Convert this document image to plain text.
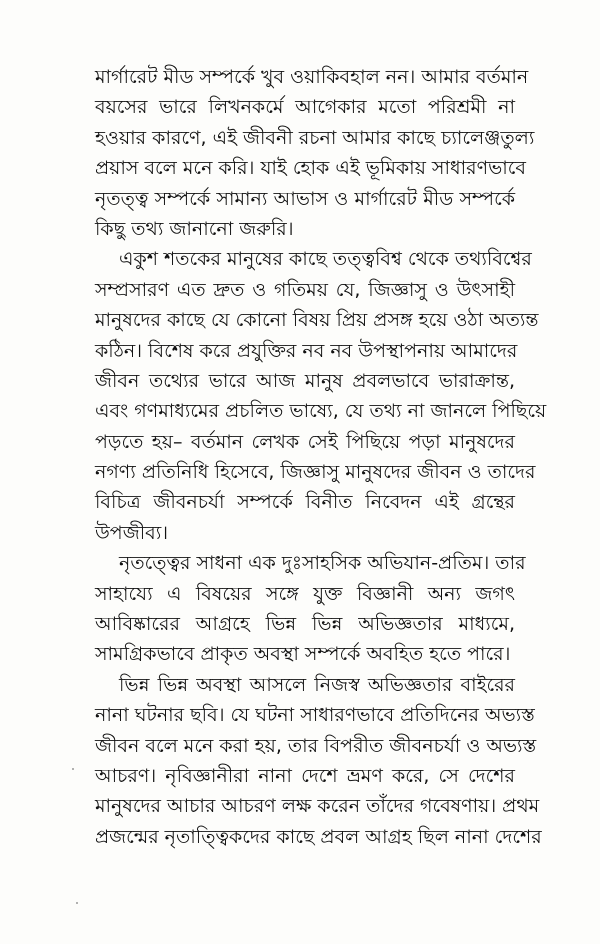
মার্গারেট মীড সম্পর্কে খুব ওয়াকিবহাল নন। আমার বর্তমান
বয়সের ভারে লিখনকর্মে আগেকার মতো পরিশ্রমী না
হওয়ার কারণে, এই জীবনী রচনা আমার কাছে চ্যালেঞ্জতুল্য
প্রয়াস বলে মনে করি। যাই হোক এই ভূমিকায় সাধারণভাবে
নৃতত্ত্ব সম্পর্কে সামান্য আভাস ও মার্গারেট মীড সম্পর্কে
কিছু তথ্য জানানো জরুরি।
একুশ শতকের মানুষের কাছে তত্ত্ববিশ্ব থেকে তথ্যবিশ্বের
সম্প্রসারণ এত দ্রুত ও গতিময় যে, জিজ্ঞাসু ও উৎসাহী
মানুষদের কাছে যে কোনো বিষয় প্রিয় প্রসঙ্গ হয়ে ওঠা অত্যন্ত
কঠিন। বিশেষ করে প্রযুক্তির নব নব উপস্থাপনায় আমাদের
জীবন তথ্যের ভারে আজ মানুষ প্রবলভাবে ভারাক্রান্ত,
এবং গণমাধ্যমের প্রচলিত ভাষ্যে, যে তথ্য না জানলে পিছিয়ে
পড়তে হয়– বর্তমান লেখক সেই পিছিয়ে পড়া মানুষদের
নগণ্য প্রতিনিধি হিসেবে, জিজ্ঞাসু মানুষদের জীবন ও তাদের
বিচিত্র জীবনচর্যা সম্পর্কে বিনীত নিবেদন এই গ্রন্থের
উপজীব্য।
নৃতত্ত্বের সাধনা এক দুঃসাহসিক অভিযান-প্রতিম। তার
সাহায্যে এ বিষয়ের সঙ্গে যুক্ত বিজ্ঞানী অন্য জগৎ
আবিষ্কারের আগ্রহে ভিন্ন ভিন্ন অভিজ্ঞতার মাধ্যমে,
সামগ্রিকভাবে প্রাকৃত অবস্থা সম্পর্কে অবহিত হতে পারে।
ভিন্ন ভিন্ন অবস্থা আসলে নিজস্ব অভিজ্ঞতার বাইরের
নানা ঘটনার ছবি। যে ঘটনা সাধারণভাবে প্রতিদিনের অভ্যস্ত
জীবন বলে মনে করা হয়, তার বিপরীত জীবনচর্যা ও অভ্যস্ত
আচরণ। নৃবিজ্ঞানীরা নানা দেশে ভ্রমণ করে, সে দেশের
মানুষদের আচার আচরণ লক্ষ করেন তাঁদের গবেষণায়। প্রথম
প্রজন্মের নৃতাত্ত্বিকদের কাছে প্রবল আগ্রহ ছিল নানা দেশের
